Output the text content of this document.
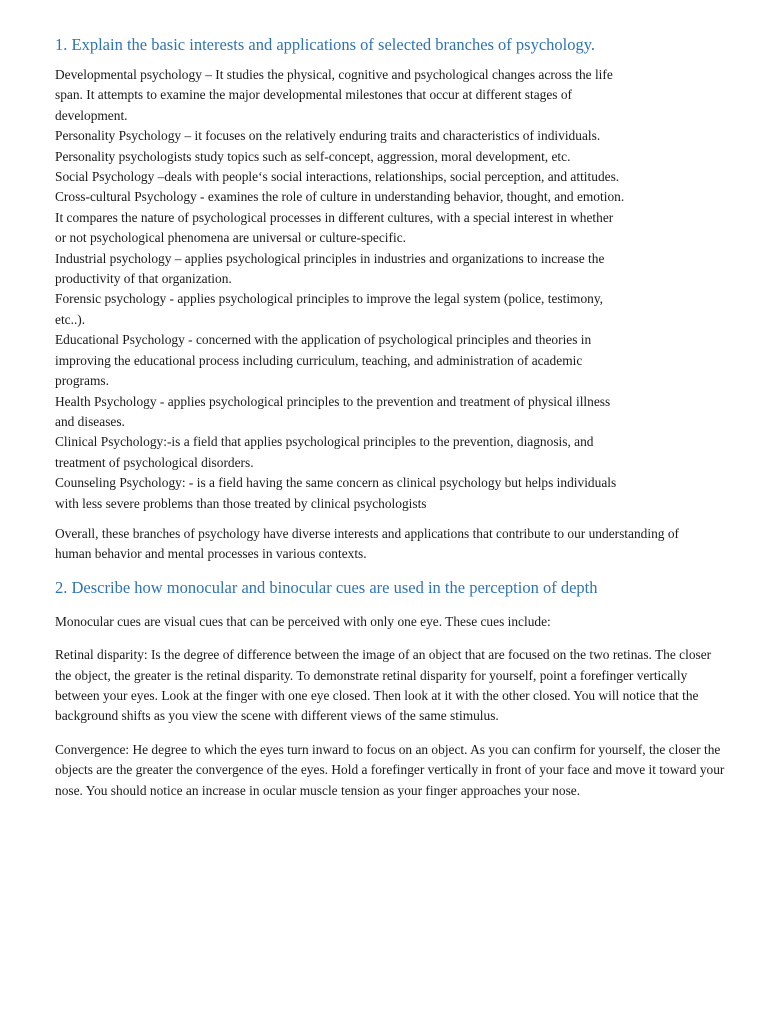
1. Explain the basic interests and applications of selected branches of psychology.

Developmental psychology – It studies the physical, cognitive and psychological changes across the life span. It attempts to examine the major developmental milestones that occur at different stages of development.

Personality Psychology – it focuses on the relatively enduring traits and characteristics of individuals. Personality psychologists study topics such as self-concept, aggression, moral development, etc.

Social Psychology –deals with people‘s social interactions, relationships, social perception, and attitudes.

Cross-cultural Psychology - examines the role of culture in understanding behavior, thought, and emotion. It compares the nature of psychological processes in different cultures, with a special interest in whether or not psychological phenomena are universal or culture-specific.

Industrial psychology – applies psychological principles in industries and organizations to increase the productivity of that organization.

Forensic psychology - applies psychological principles to improve the legal system (police, testimony, etc..).

Educational Psychology - concerned with the application of psychological principles and theories in improving the educational process including curriculum, teaching, and administration of academic programs.

Health Psychology - applies psychological principles to the prevention and treatment of physical illness and diseases.

Clinical Psychology:-is a field that applies psychological principles to the prevention, diagnosis, and treatment of psychological disorders.

Counseling Psychology: - is a field having the same concern as clinical psychology but helps individuals with less severe problems than those treated by clinical psychologists

Overall, these branches of psychology have diverse interests and applications that contribute to our understanding of human behavior and mental processes in various contexts.

2. Describe how monocular and binocular cues are used in the perception of depth

Monocular cues are visual cues that can be perceived with only one eye. These cues include:

Retinal disparity: Is the degree of difference between the image of an object that are focused on the two retinas. The closer the object, the greater is the retinal disparity. To demonstrate retinal disparity for yourself, point a forefinger vertically between your eyes. Look at the finger with one eye closed. Then look at it with the other closed. You will notice that the background shifts as you view the scene with different views of the same stimulus.

Convergence: He degree to which the eyes turn inward to focus on an object. As you can confirm for yourself, the closer the objects are the greater the convergence of the eyes. Hold a forefinger vertically in front of your face and move it toward your nose. You should notice an increase in ocular muscle tension as your finger approaches your nose.
